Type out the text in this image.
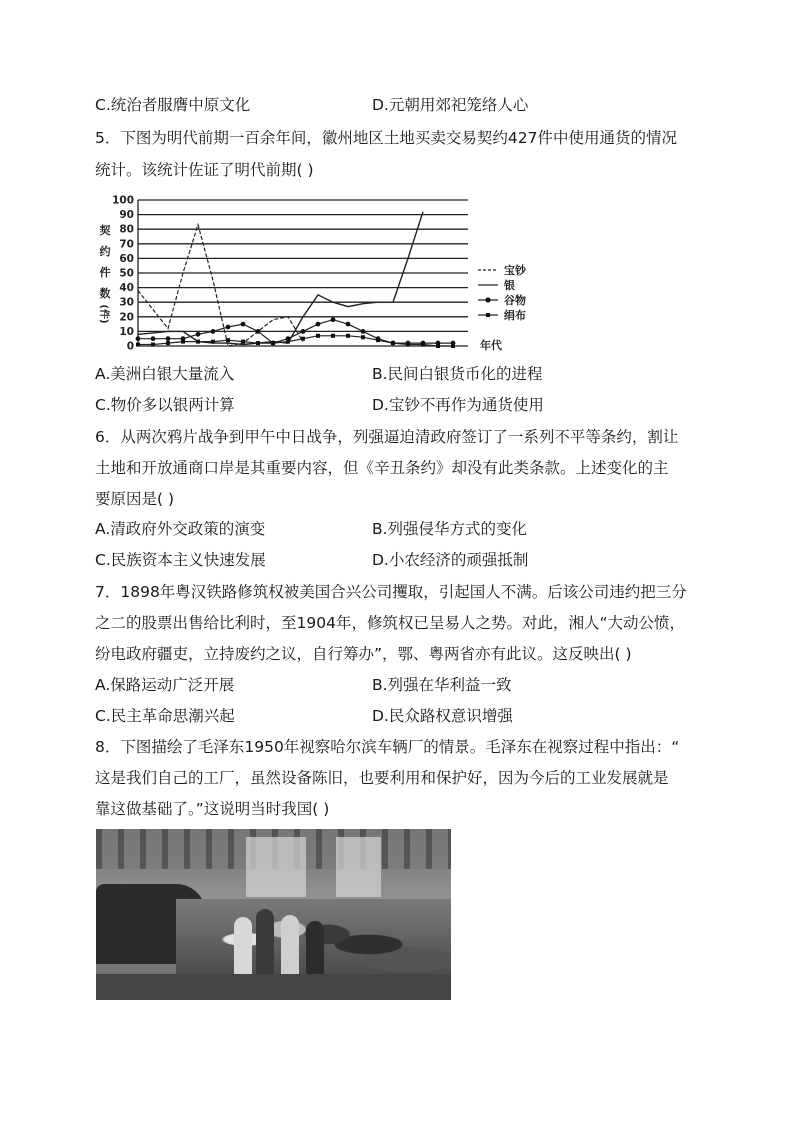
C.统治者服膺中原文化	D.元朝用郊祀笼络人心
5．下图为明代前期一百余年间，徽州地区土地买卖交易契约427件中使用通货的情况
统计。该统计佐证了明代前期( )
契
约
件
数
(件)
0
10
20
30
40
50
60
70
80
90
100
宝钞
银
谷物
绢布
年代
A.美洲白银大量流入	B.民间白银货币化的进程
C.物价多以银两计算	D.宝钞不再作为通货使用
6．从两次鸦片战争到甲午中日战争，列强逼迫清政府签订了一系列不平等条约，割让
土地和开放通商口岸是其重要内容，但《辛丑条约》却没有此类条款。上述变化的主
要原因是( )
A.清政府外交政策的演变	B.列强侵华方式的变化
C.民族资本主义快速发展	D.小农经济的顽强抵制
7．1898年粤汉铁路修筑权被美国合兴公司攫取，引起国人不满。后该公司违约把三分
之二的股票出售给比利时，至1904年，修筑权已呈易人之势。对此，湘人“大动公愤，
纷电政府疆吏，立持废约之议，自行筹办”，鄂、粤两省亦有此议。这反映出( )
A.保路运动广泛开展	B.列强在华利益一致
C.民主革命思潮兴起	D.民众路权意识增强
8．下图描绘了毛泽东1950年视察哈尔滨车辆厂的情景。毛泽东在视察过程中指出：“
这是我们自己的工厂，虽然设备陈旧，也要利用和保护好，因为今后的工业发展就是
靠这做基础了。”这说明当时我国( )
